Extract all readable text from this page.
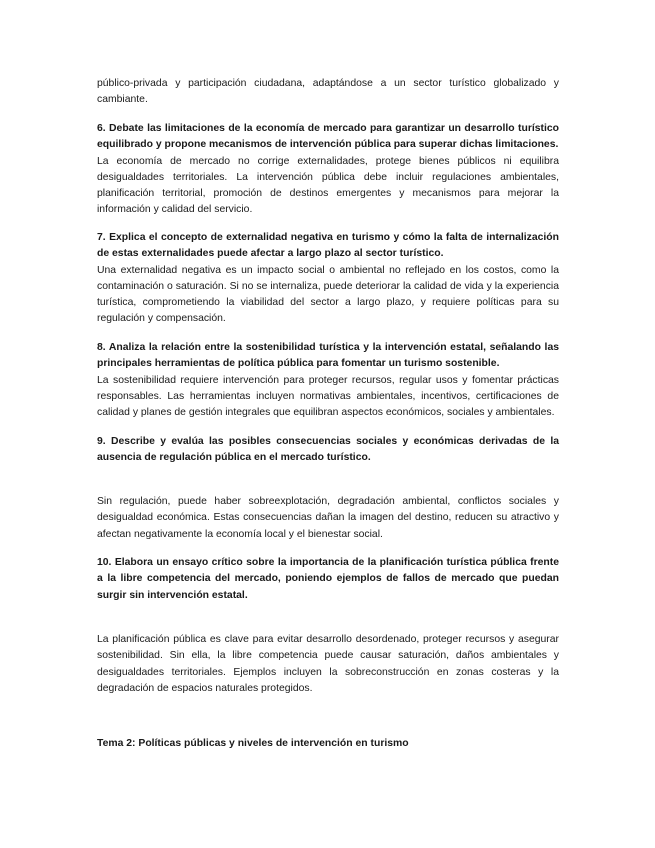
público-privada y participación ciudadana, adaptándose a un sector turístico globalizado y cambiante.

6. Debate las limitaciones de la economía de mercado para garantizar un desarrollo turístico equilibrado y propone mecanismos de intervención pública para superar dichas limitaciones.

La economía de mercado no corrige externalidades, protege bienes públicos ni equilibra desigualdades territoriales. La intervención pública debe incluir regulaciones ambientales, planificación territorial, promoción de destinos emergentes y mecanismos para mejorar la información y calidad del servicio.

7. Explica el concepto de externalidad negativa en turismo y cómo la falta de internalización de estas externalidades puede afectar a largo plazo al sector turístico.

Una externalidad negativa es un impacto social o ambiental no reflejado en los costos, como la contaminación o saturación. Si no se internaliza, puede deteriorar la calidad de vida y la experiencia turística, comprometiendo la viabilidad del sector a largo plazo, y requiere políticas para su regulación y compensación.

8. Analiza la relación entre la sostenibilidad turística y la intervención estatal, señalando las principales herramientas de política pública para fomentar un turismo sostenible.

La sostenibilidad requiere intervención para proteger recursos, regular usos y fomentar prácticas responsables. Las herramientas incluyen normativas ambientales, incentivos, certificaciones de calidad y planes de gestión integrales que equilibran aspectos económicos, sociales y ambientales.

9. Describe y evalúa las posibles consecuencias sociales y económicas derivadas de la ausencia de regulación pública en el mercado turístico.

Sin regulación, puede haber sobreexplotación, degradación ambiental, conflictos sociales y desigualdad económica. Estas consecuencias dañan la imagen del destino, reducen su atractivo y afectan negativamente la economía local y el bienestar social.

10. Elabora un ensayo crítico sobre la importancia de la planificación turística pública frente a la libre competencia del mercado, poniendo ejemplos de fallos de mercado que puedan surgir sin intervención estatal.

La planificación pública es clave para evitar desarrollo desordenado, proteger recursos y asegurar sostenibilidad. Sin ella, la libre competencia puede causar saturación, daños ambientales y desigualdades territoriales. Ejemplos incluyen la sobreconstrucción en zonas costeras y la degradación de espacios naturales protegidos.

Tema 2: Políticas públicas y niveles de intervención en turismo
